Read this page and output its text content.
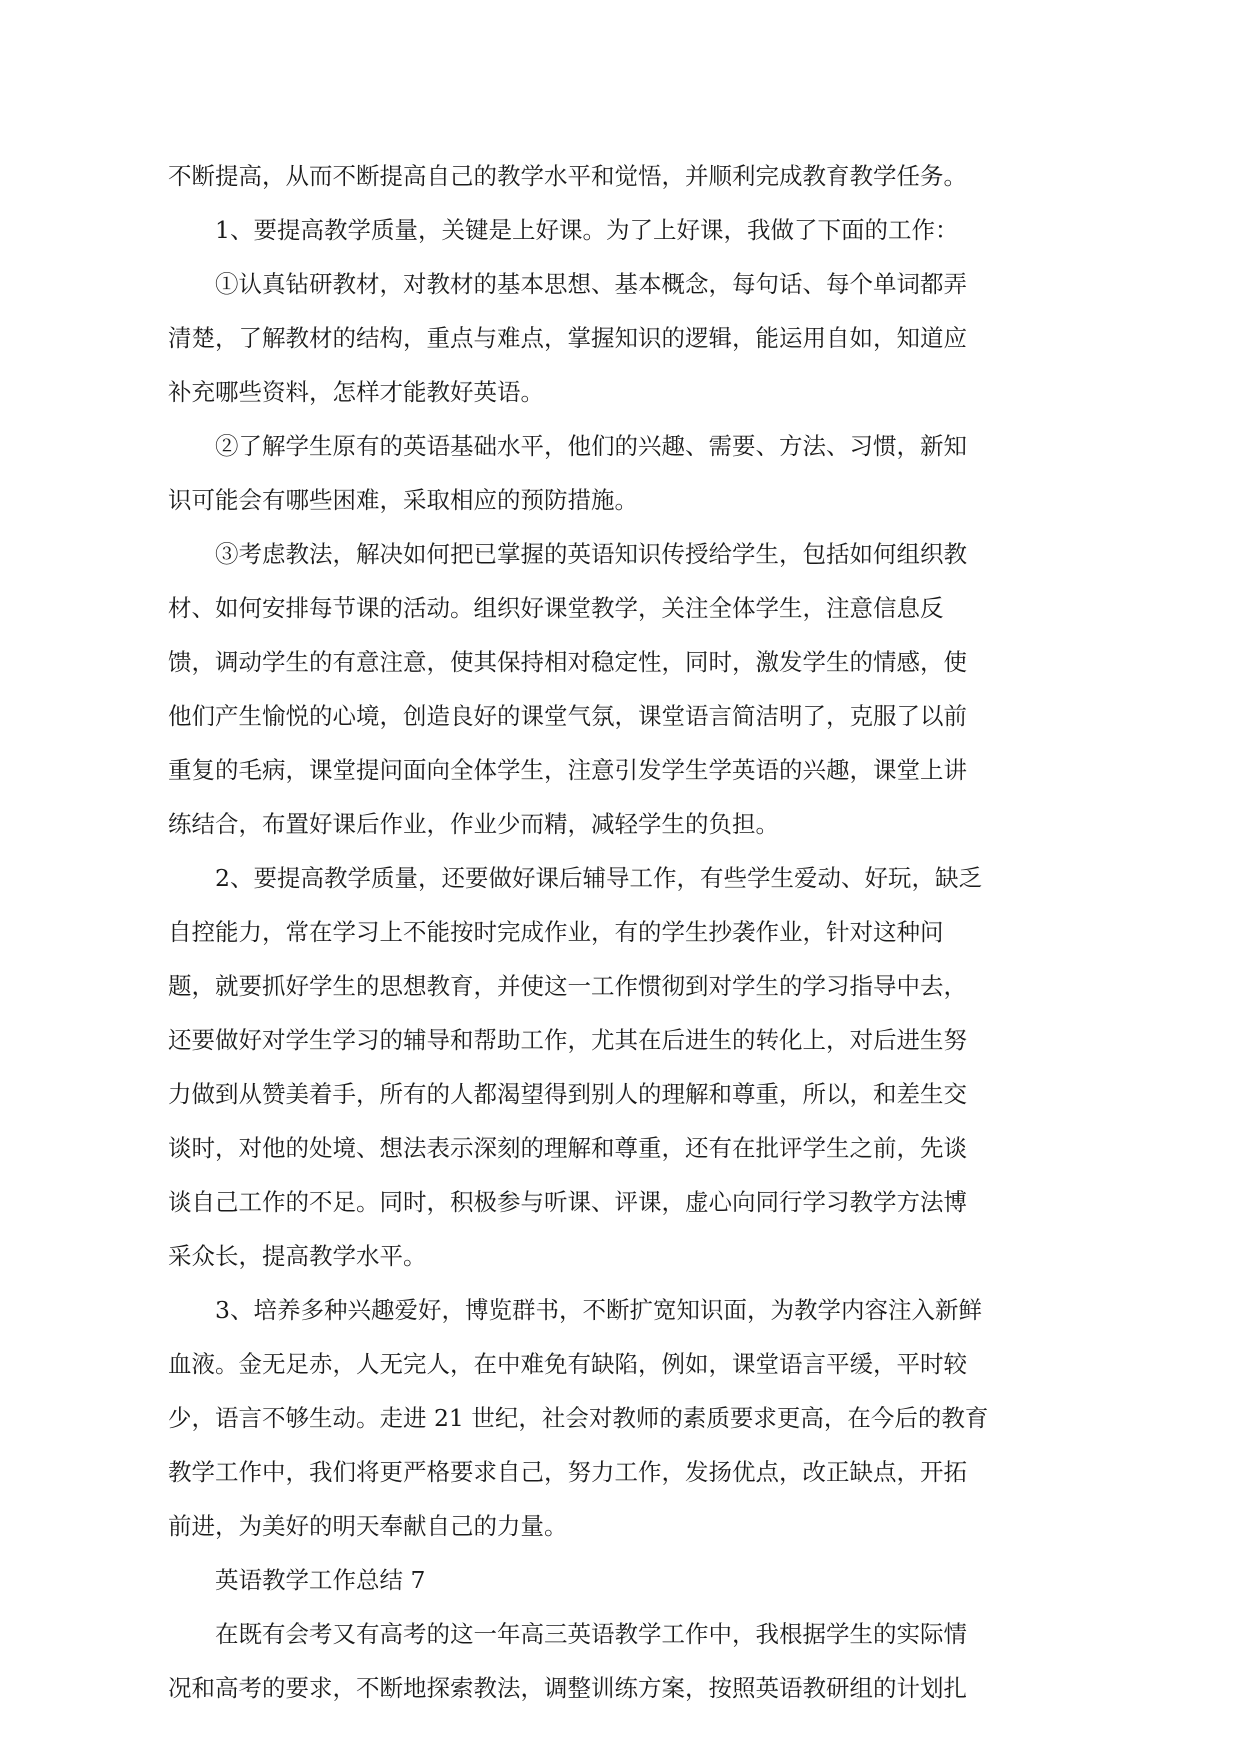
不断提高，从而不断提高自己的教学水平和觉悟，并顺利完成教育教学任务。
1、要提高教学质量，关键是上好课。为了上好课，我做了下面的工作：
①认真钻研教材，对教材的基本思想、基本概念，每句话、每个单词都弄
清楚，了解教材的结构，重点与难点，掌握知识的逻辑，能运用自如，知道应
补充哪些资料，怎样才能教好英语。
②了解学生原有的英语基础水平，他们的兴趣、需要、方法、习惯，新知
识可能会有哪些困难，采取相应的预防措施。
③考虑教法，解决如何把已掌握的英语知识传授给学生，包括如何组织教
材、如何安排每节课的活动。组织好课堂教学，关注全体学生，注意信息反
馈，调动学生的有意注意，使其保持相对稳定性，同时，激发学生的情感，使
他们产生愉悦的心境，创造良好的课堂气氛，课堂语言简洁明了，克服了以前
重复的毛病，课堂提问面向全体学生，注意引发学生学英语的兴趣，课堂上讲
练结合，布置好课后作业，作业少而精，减轻学生的负担。
2、要提高教学质量，还要做好课后辅导工作，有些学生爱动、好玩，缺乏
自控能力，常在学习上不能按时完成作业，有的学生抄袭作业，针对这种问
题，就要抓好学生的思想教育，并使这一工作惯彻到对学生的学习指导中去，
还要做好对学生学习的辅导和帮助工作，尤其在后进生的转化上，对后进生努
力做到从赞美着手，所有的人都渴望得到别人的理解和尊重，所以，和差生交
谈时，对他的处境、想法表示深刻的理解和尊重，还有在批评学生之前，先谈
谈自己工作的不足。同时，积极参与听课、评课，虚心向同行学习教学方法博
采众长，提高教学水平。
3、培养多种兴趣爱好，博览群书，不断扩宽知识面，为教学内容注入新鲜
血液。金无足赤，人无完人，在中难免有缺陷，例如，课堂语言平缓，平时较
少，语言不够生动。走进 21 世纪，社会对教师的素质要求更高，在今后的教育
教学工作中，我们将更严格要求自己，努力工作，发扬优点，改正缺点，开拓
前进，为美好的明天奉献自己的力量。
英语教学工作总结 7
在既有会考又有高考的这一年高三英语教学工作中，我根据学生的实际情
况和高考的要求，不断地探索教法，调整训练方案，按照英语教研组的计划扎
